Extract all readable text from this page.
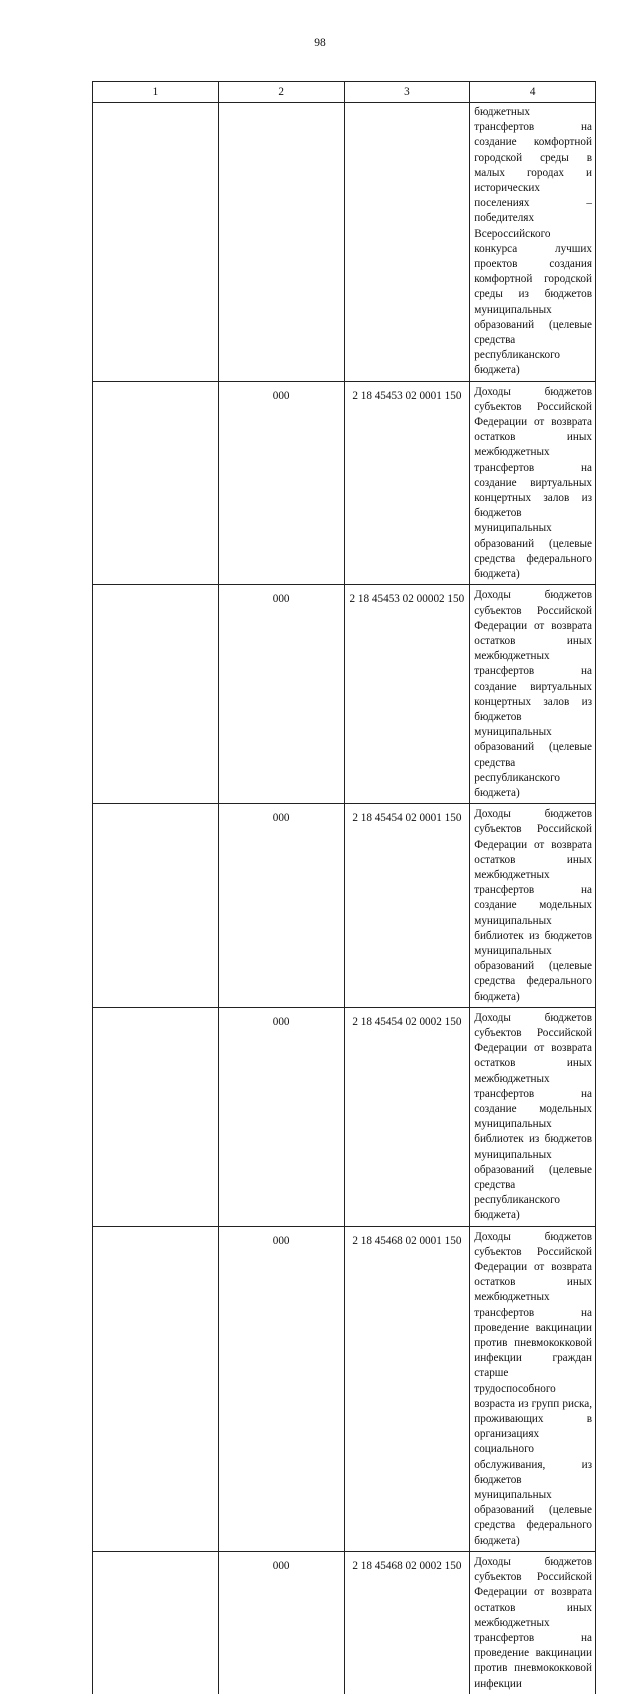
98
1	2	3	4

			бюджетных трансфертов на создание комфортной городской среды в малых городах и исторических поселениях – победителях Всероссийского конкурса лучших проектов создания комфортной городской среды из бюджетов муниципальных образований (целевые средства республиканского бюджета)

	000	2 18 45453 02 0001 150	Доходы бюджетов субъектов Российской Федерации от возврата остатков иных межбюджетных трансфертов на создание виртуальных концертных залов из бюджетов муниципальных образований (целевые средства федерального бюджета)

	000	2 18 45453 02 00002 150	Доходы бюджетов субъектов Российской Федерации от возврата остатков иных межбюджетных трансфертов на создание виртуальных концертных залов из бюджетов муниципальных образований (целевые средства республиканского бюджета)

	000	2 18 45454 02 0001 150	Доходы бюджетов субъектов Российской Федерации от возврата остатков иных межбюджетных трансфертов на создание модельных муниципальных библиотек из бюджетов муниципальных образований (целевые средства федерального бюджета)

	000	2 18 45454 02 0002 150	Доходы бюджетов субъектов Российской Федерации от возврата остатков иных межбюджетных трансфертов на создание модельных муниципальных библиотек из бюджетов муниципальных образований (целевые средства республиканского бюджета)

	000	2 18 45468 02 0001 150	Доходы бюджетов субъектов Российской Федерации от возврата остатков иных межбюджетных трансфертов на проведение вакцинации против пневмококковой инфекции граждан старше трудоспособного возраста из групп риска, проживающих в организациях социального обслуживания, из бюджетов муниципальных образований (целевые средства федерального бюджета)

	000	2 18 45468 02 0002 150	Доходы бюджетов субъектов Российской Федерации от возврата остатков иных межбюджетных трансфертов на проведение вакцинации против пневмококковой инфекции
